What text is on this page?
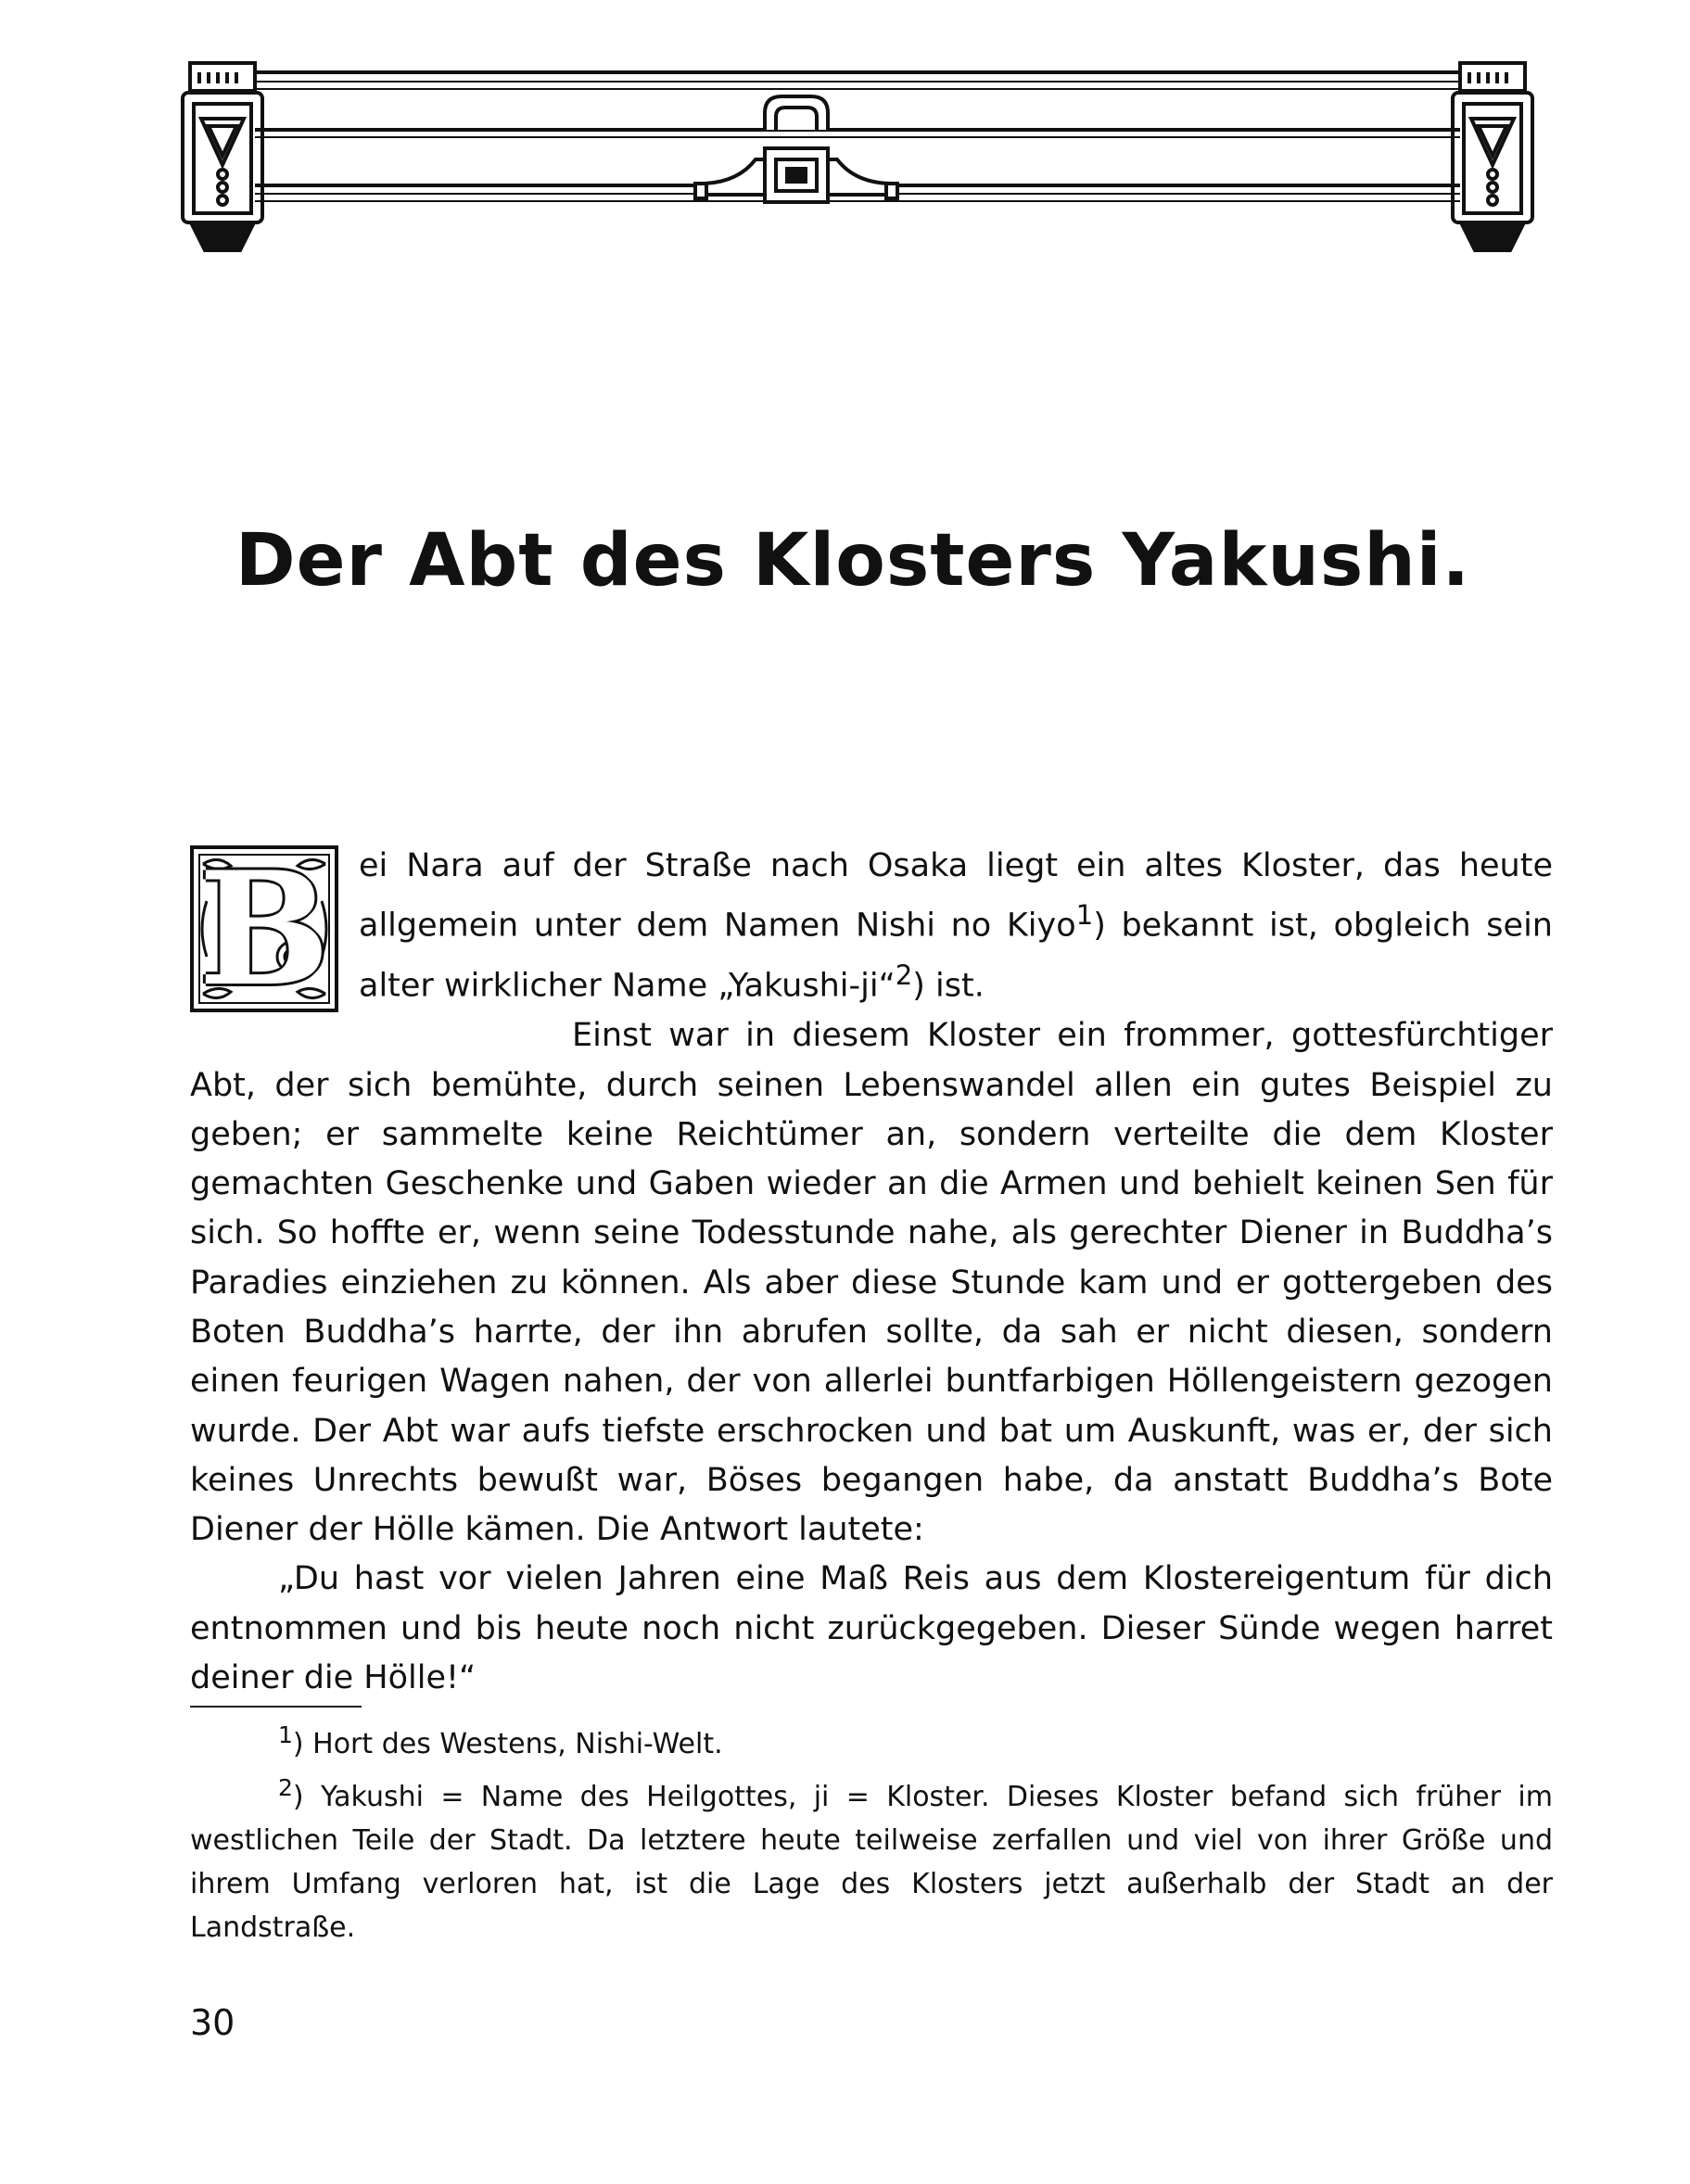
Der Abt des Klosters Yakushi.
B ei Nara auf der Straße nach Osaka liegt ein altes Kloster, das heute allgemein unter dem Namen Nishi no Kiyo$^1$) bekannt ist, obgleich sein alter wirklicher Name „Yakushi-ji“$^2$) ist.

Einst war in diesem Kloster ein frommer, gottesfürchtiger Abt, der sich bemühte, durch seinen Lebenswandel allen ein gutes Beispiel zu geben; er sammelte keine Reichtümer an, sondern verteilte die dem Kloster gemachten Geschenke und Gaben wieder an die Armen und behielt keinen Sen für sich. So hoffte er, wenn seine Todesstunde nahe, als gerechter Diener in Buddha’s Paradies einziehen zu können. Als aber diese Stunde kam und er gottergeben des Boten Buddha’s harrte, der ihn abrufen sollte, da sah er nicht diesen, sondern einen feurigen Wagen nahen, der von allerlei buntfarbigen Höllengeistern gezogen wurde. Der Abt war aufs tiefste erschrocken und bat um Auskunft, was er, der sich keines Unrechts bewußt war, Böses begangen habe, da anstatt Buddha’s Bote Diener der Hölle kämen. Die Antwort lautete:

„Du hast vor vielen Jahren eine Maß Reis aus dem Klostereigentum für dich entnommen und bis heute noch nicht zurückgegeben. Dieser Sünde wegen harret deiner die Hölle!“

$^1$) Hort des Westens, Nishi-Welt.

$^2$) Yakushi = Name des Heilgottes, ji = Kloster. Dieses Kloster befand sich früher im westlichen Teile der Stadt. Da letztere heute teilweise zerfallen und viel von ihrer Größe und ihrem Umfang verloren hat, ist die Lage des Klosters jetzt außerhalb der Stadt an der Landstraße.

30
